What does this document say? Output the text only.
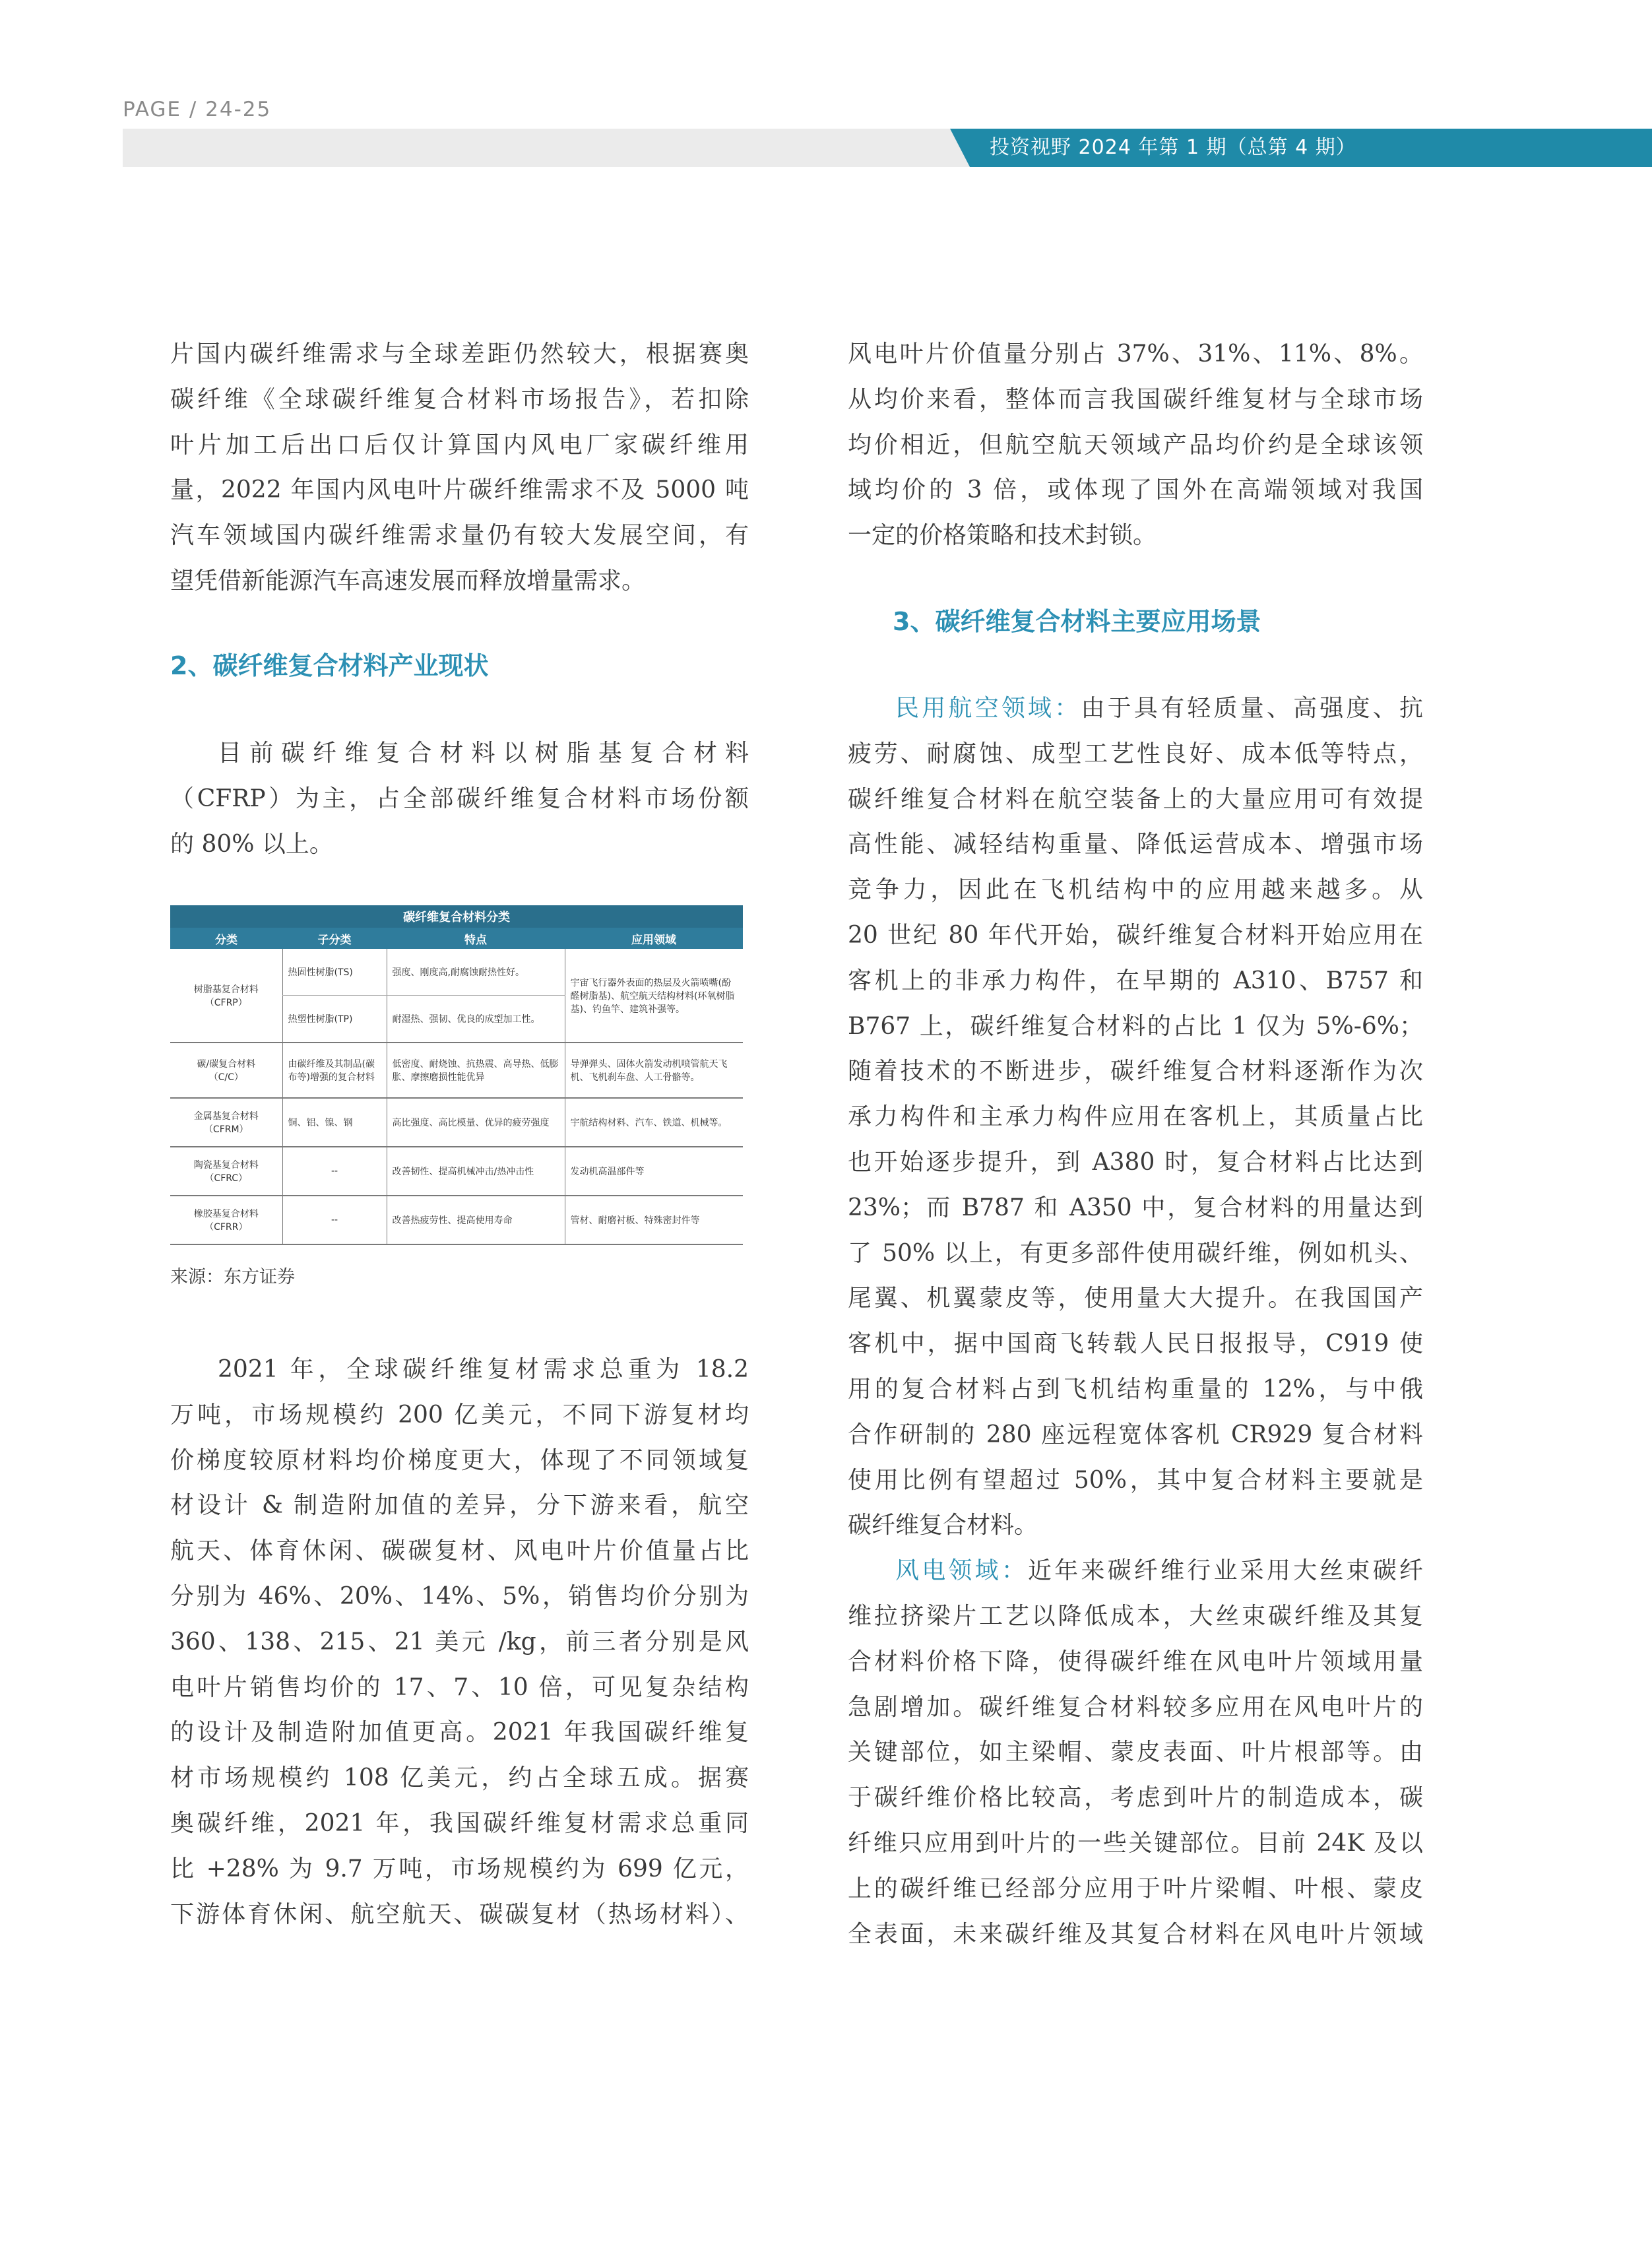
PAGE / 24-25
投资视野 2024 年第 1 期（总第 4 期）

片国内碳纤维需求与全球差距仍然较大，根据赛奥

碳纤维《全球碳纤维复合材料市场报告》，若扣除

叶片加工后出口后仅计算国内风电厂家碳纤维用

量，2022 年国内风电叶片碳纤维需求不及 5000 吨

汽车领域国内碳纤维需求量仍有较大发展空间，有

望凭借新能源汽车高速发展而释放增量需求。

2、碳纤维复合材料产业现状

目前碳纤维复合材料以树脂基复合材料

（CFRP）为主，占全部碳纤维复合材料市场份额

的 80% 以上。

碳纤维复合材料分类			
分类	子分类	特点	应用领域
树脂基复合材料
（CFRP）	热固性树脂(TS)	强度、刚度高,耐腐蚀耐热性好。	宇宙飞行器外表面的热层及火箭喷嘴(酚醛树脂基)、航空航天结构材料(环氧树脂基)、钓鱼竿、建筑补强等。
	热塑性树脂(TP)	耐湿热、强韧、优良的成型加工性。	
碳/碳复合材料
（C/C）	由碳纤维及其制品(碳布等)增强的复合材料	低密度、耐烧蚀、抗热震、高导热、低膨胀、摩擦磨损性能优异	导弹弹头、固体火箭发动机喷管航天飞机、飞机刹车盘、人工骨骼等。
金属基复合材料
（CFRM）	铜、铝、镍、钢	高比强度、高比模量、优异的疲劳强度	宇航结构材料、汽车、铁道、机械等。
陶瓷基复合材料
（CFRC）	--	改善韧性、提高机械冲击/热冲击性	发动机高温部件等
橡胶基复合材料
（CFRR）	--	改善热疲劳性、提高使用寿命	管材、耐磨衬板、特殊密封件等
来源：东方证券

2021 年，全球碳纤维复材需求总重为 18.2

万吨，市场规模约 200 亿美元，不同下游复材均

价梯度较原材料均价梯度更大，体现了不同领域复

材设计 & 制造附加值的差异，分下游来看，航空

航天、体育休闲、碳碳复材、风电叶片价值量占比

分别为 46%、20%、14%、5%，销售均价分别为

360、138、215、21 美元 /kg，前三者分别是风

电叶片销售均价的 17、7、10 倍，可见复杂结构

的设计及制造附加值更高。2021 年我国碳纤维复

材市场规模约 108 亿美元，约占全球五成。据赛

奥碳纤维，2021 年，我国碳纤维复材需求总重同

比 +28% 为 9.7 万吨，市场规模约为 699 亿元，

下游体育休闲、航空航天、碳碳复材（热场材料）、

风电叶片价值量分别占 37%、31%、11%、8%。

从均价来看，整体而言我国碳纤维复材与全球市场

均价相近，但航空航天领域产品均价约是全球该领

域均价的 3 倍，或体现了国外在高端领域对我国

一定的价格策略和技术封锁。

3、碳纤维复合材料主要应用场景

民用航空领域：由于具有轻质量、高强度、抗

疲劳、耐腐蚀、成型工艺性良好、成本低等特点，

碳纤维复合材料在航空装备上的大量应用可有效提

高性能、减轻结构重量、降低运营成本、增强市场

竞争力，因此在飞机结构中的应用越来越多。从

20 世纪 80 年代开始，碳纤维复合材料开始应用在

客机上的非承力构件，在早期的 A310、B757 和

B767 上，碳纤维复合材料的占比 1 仅为 5%-6%；

随着技术的不断进步，碳纤维复合材料逐渐作为次

承力构件和主承力构件应用在客机上，其质量占比

也开始逐步提升，到 A380 时，复合材料占比达到

23%；而 B787 和 A350 中，复合材料的用量达到

了 50% 以上，有更多部件使用碳纤维，例如机头、

尾翼、机翼蒙皮等，使用量大大提升。在我国国产

客机中，据中国商飞转载人民日报报导，C919 使

用的复合材料占到飞机结构重量的 12%，与中俄

合作研制的 280 座远程宽体客机 CR929 复合材料

使用比例有望超过 50%，其中复合材料主要就是

碳纤维复合材料。

风电领域：近年来碳纤维行业采用大丝束碳纤

维拉挤梁片工艺以降低成本，大丝束碳纤维及其复

合材料价格下降，使得碳纤维在风电叶片领域用量

急剧增加。碳纤维复合材料较多应用在风电叶片的

关键部位，如主梁帽、蒙皮表面、叶片根部等。由

于碳纤维价格比较高，考虑到叶片的制造成本，碳

纤维只应用到叶片的一些关键部位。目前 24K 及以

上的碳纤维已经部分应用于叶片梁帽、叶根、蒙皮

全表面，未来碳纤维及其复合材料在风电叶片领域
